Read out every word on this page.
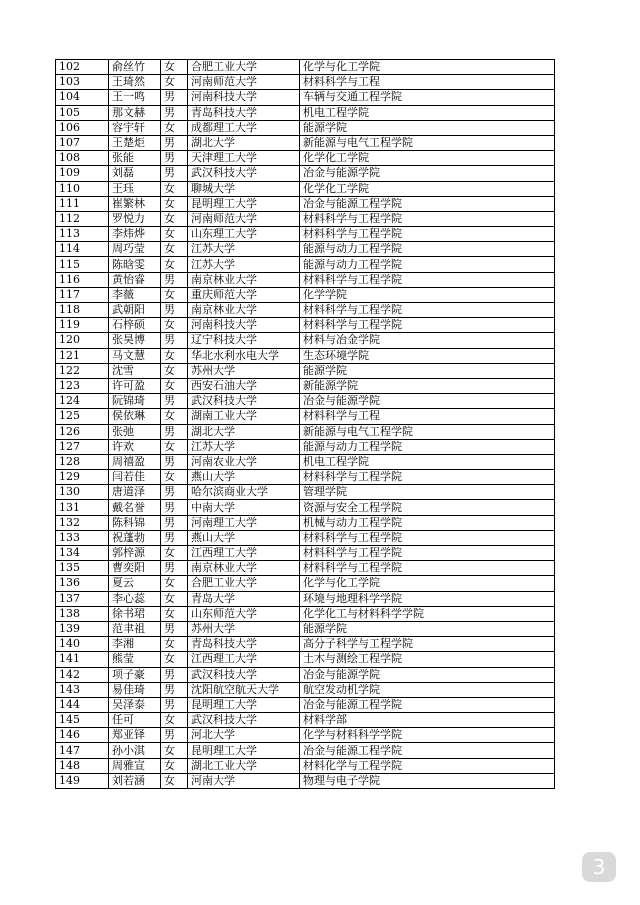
102	俞丝竹	女	合肥工业大学	化学与化工学院
103	王琦然	女	河南师范大学	材料科学与工程
104	王一鸣	男	河南科技大学	车辆与交通工程学院
105	那文赫	男	青岛科技大学	机电工程学院
106	容宇轩	女	成都理工大学	能源学院
107	王楚炬	男	湖北大学	新能源与电气工程学院
108	张能	男	天津理工大学	化学化工学院
109	刘磊	男	武汉科技大学	冶金与能源学院
110	王珏	女	聊城大学	化学化工学院
111	崔繁林	女	昆明理工大学	冶金与能源工程学院
112	罗悦力	女	河南师范大学	材料科学与工程学院
113	李炜烨	女	山东理工大学	材料科学与工程学院
114	周巧莹	女	江苏大学	能源与动力工程学院
115	陈晗雯	女	江苏大学	能源与动力工程学院
116	黄怡睿	男	南京林业大学	材料科学与工程学院
117	李薇	女	重庆师范大学	化学学院
118	武朝阳	男	南京林业大学	材料科学与工程学院
119	石梓硕	女	河南科技大学	材料科学与工程学院
120	张昊博	男	辽宁科技大学	材料与冶金学院
121	马文慧	女	华北水利水电大学	生态环境学院
122	沈雪	女	苏州大学	能源学院
123	许可盈	女	西安石油大学	新能源学院
124	阮锦琦	男	武汉科技大学	冶金与能源学院
125	侯依琳	女	湖南工业大学	材料科学与工程
126	张弛	男	湖北大学	新能源与电气工程学院
127	许欢	女	江苏大学	能源与动力工程学院
128	周禧盈	男	河南农业大学	机电工程学院
129	闫若佳	女	燕山大学	材料科学与工程学院
130	唐道泽	男	哈尔滨商业大学	管理学院
131	戴名誉	男	中南大学	资源与安全工程学院
132	陈科锦	男	河南理工大学	机械与动力工程学院
133	祝蓬勃	男	燕山大学	材料科学与工程学院
134	郭梓源	女	江西理工大学	材料科学与工程学院
135	曹奕阳	男	南京林业大学	材料科学与工程学院
136	夏云	女	合肥工业大学	化学与化工学院
137	李心蕊	女	青岛大学	环境与地理科学学院
138	徐书珺	女	山东师范大学	化学化工与材料科学学院
139	范聿祖	男	苏州大学	能源学院
140	李湘	女	青岛科技大学	高分子科学与工程学院
141	熊莹	女	江西理工大学	土木与测绘工程学院
142	项子豪	男	武汉科技大学	冶金与能源学院
143	易佳琦	男	沈阳航空航天大学	航空发动机学院
144	吴泽泰	男	昆明理工大学	冶金与能源工程学院
145	任可	女	武汉科技大学	材料学部
146	郑亚铎	男	河北大学	化学与材料科学学院
147	孙小淇	女	昆明理工大学	冶金与能源工程学院
148	周雅宣	女	湖北工业大学	材料化学与工程学院
149	刘若涵	女	河南大学	物理与电子学院
3
